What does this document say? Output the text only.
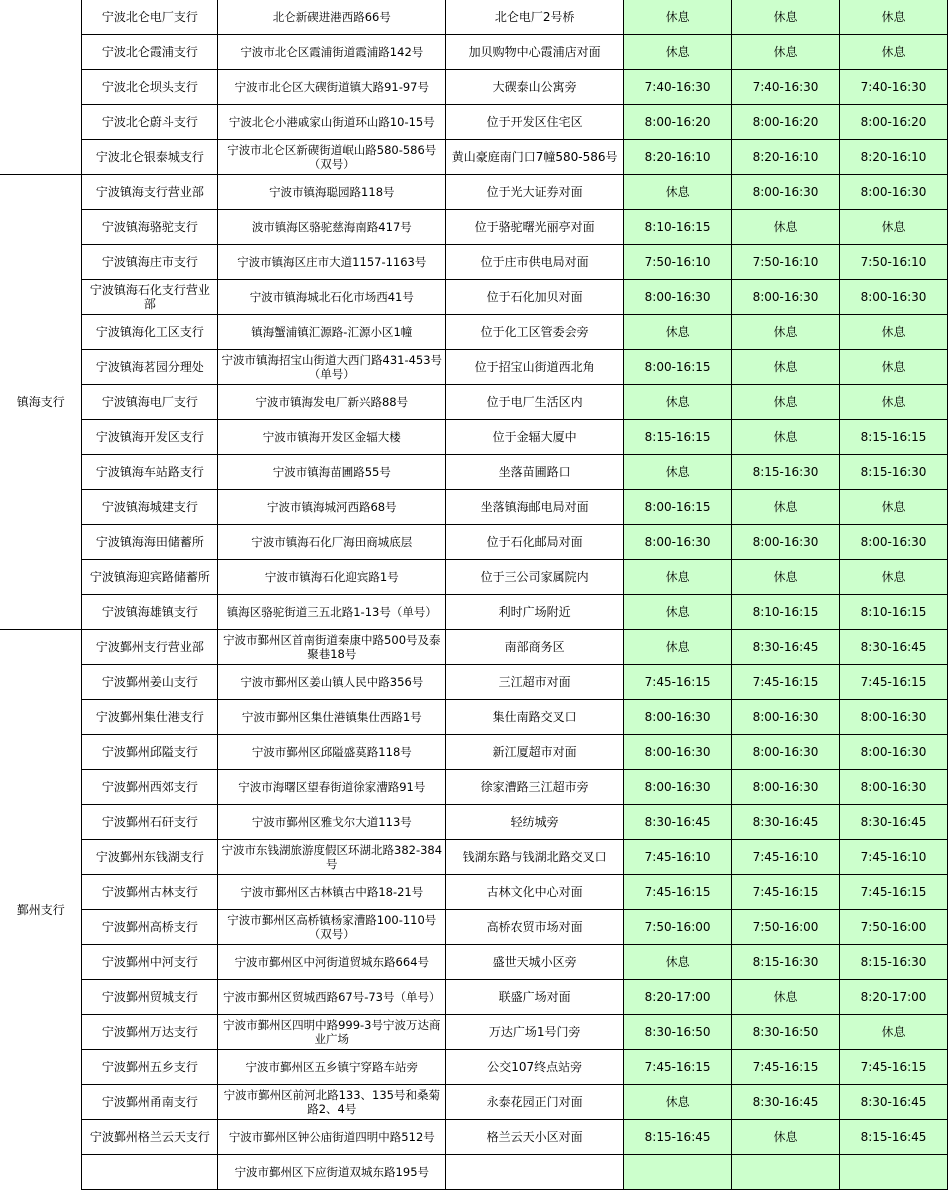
	宁波北仑电厂支行	北仑新碶进港西路66号	北仑电厂2号桥	休息	休息	休息
	宁波北仑霞浦支行	宁波市北仑区霞浦街道霞浦路142号	加贝购物中心霞浦店对面	休息	休息	休息
	宁波北仑坝头支行	宁波市北仑区大碶街道镇大路91-97号	大碶泰山公寓旁	7:40-16:30	7:40-16:30	7:40-16:30
	宁波北仑蔚斗支行	宁波北仑小港戚家山街道环山路10-15号	位于开发区住宅区	8:00-16:20	8:00-16:20	8:00-16:20
	宁波北仑银泰城支行	宁波市北仑区新碶街道岷山路580-586号（双号）	黄山豪庭南门口7幢580-586号	8:20-16:10	8:20-16:10	8:20-16:10
镇海支行	宁波镇海支行营业部	宁波市镇海聪园路118号	位于光大证券对面	休息	8:00-16:30	8:00-16:30
	宁波镇海骆驼支行	波市镇海区骆驼慈海南路417号	位于骆驼曙光丽亭对面	8:10-16:15	休息	休息
	宁波镇海庄市支行	宁波市镇海区庄市大道1157-1163号	位于庄市供电局对面	7:50-16:10	7:50-16:10	7:50-16:10
	宁波镇海石化支行营业部	宁波市镇海城北石化市场西41号	位于石化加贝对面	8:00-16:30	8:00-16:30	8:00-16:30
	宁波镇海化工区支行	镇海蟹浦镇汇源路-汇源小区1幢	位于化工区管委会旁	休息	休息	休息
	宁波镇海茗园分理处	宁波市镇海招宝山街道大西门路431-453号（单号）	位于招宝山街道西北角	8:00-16:15	休息	休息
	宁波镇海电厂支行	宁波市镇海发电厂新兴路88号	位于电厂生活区内	休息	休息	休息
	宁波镇海开发区支行	宁波市镇海开发区金辐大楼	位于金辐大厦中	8:15-16:15	休息	8:15-16:15
	宁波镇海车站路支行	宁波市镇海苗圃路55号	坐落苗圃路口	休息	8:15-16:30	8:15-16:30
	宁波镇海城建支行	宁波市镇海城河西路68号	坐落镇海邮电局对面	8:00-16:15	休息	休息
	宁波镇海海田储蓄所	宁波市镇海石化厂海田商城底层	位于石化邮局对面	8:00-16:30	8:00-16:30	8:00-16:30
	宁波镇海迎宾路储蓄所	宁波市镇海石化迎宾路1号	位于三公司家属院内	休息	休息	休息
	宁波镇海雄镇支行	镇海区骆驼街道三五北路1-13号（单号）	利时广场附近	休息	8:10-16:15	8:10-16:15
鄞州支行	宁波鄞州支行营业部	宁波市鄞州区首南街道秦康中路500号及泰聚巷18号	南部商务区	休息	8:30-16:45	8:30-16:45
	宁波鄞州姜山支行	宁波市鄞州区姜山镇人民中路356号	三江超市对面	7:45-16:15	7:45-16:15	7:45-16:15
	宁波鄞州集仕港支行	宁波市鄞州区集仕港镇集仕西路1号	集仕南路交叉口	8:00-16:30	8:00-16:30	8:00-16:30
	宁波鄞州邱隘支行	宁波市鄞州区邱隘盛莫路118号	新江厦超市对面	8:00-16:30	8:00-16:30	8:00-16:30
	宁波鄞州西郊支行	宁波市海曙区望春街道徐家漕路91号	徐家漕路三江超市旁	8:00-16:30	8:00-16:30	8:00-16:30
	宁波鄞州石矸支行	宁波市鄞州区雅戈尔大道113号	轻纺城旁	8:30-16:45	8:30-16:45	8:30-16:45
	宁波鄞州东钱湖支行	宁波市东钱湖旅游度假区环湖北路382-384号	钱湖东路与钱湖北路交叉口	7:45-16:10	7:45-16:10	7:45-16:10
	宁波鄞州古林支行	宁波市鄞州区古林镇古中路18-21号	古林文化中心对面	7:45-16:15	7:45-16:15	7:45-16:15
	宁波鄞州高桥支行	宁波市鄞州区高桥镇杨家漕路100-110号（双号）	高桥农贸市场对面	7:50-16:00	7:50-16:00	7:50-16:00
	宁波鄞州中河支行	宁波市鄞州区中河街道贸城东路664号	盛世天城小区旁	休息	8:15-16:30	8:15-16:30
	宁波鄞州贸城支行	宁波市鄞州区贸城西路67号-73号（单号）	联盛广场对面	8:20-17:00	休息	8:20-17:00
	宁波鄞州万达支行	宁波市鄞州区四明中路999-3号宁波万达商业广场	万达广场1号门旁	8:30-16:50	8:30-16:50	休息
	宁波鄞州五乡支行	宁波市鄞州区五乡镇宁穿路车站旁	公交107终点站旁	7:45-16:15	7:45-16:15	7:45-16:15
	宁波鄞州甬南支行	宁波市鄞州区前河北路133、135号和桑菊路2、4号	永泰花园正门对面	休息	8:30-16:45	8:30-16:45
	宁波鄞州格兰云天支行	宁波市鄞州区钟公庙街道四明中路512号	格兰云天小区对面	8:15-16:45	休息	8:15-16:45
		宁波市鄞州区下应街道双城东路195号				
